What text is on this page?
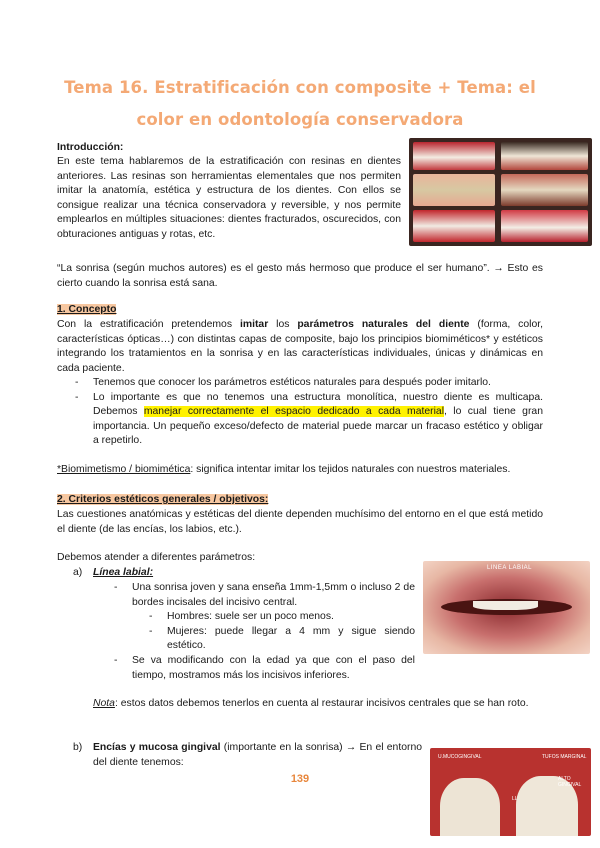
Tema 16. Estratificación con composite + Tema: el color en odontología conservadora
Introducción:
En este tema hablaremos de la estratificación con resinas en dientes anteriores. Las resinas son herramientas elementales que nos permiten imitar la anatomía, estética y estructura de los dientes. Con ellos se consigue realizar una técnica conservadora y reversible, y nos permite emplearlos en múltiples situaciones: dientes fracturados, oscurecidos, con obturaciones antiguas y rotas, etc.
“La sonrisa (según muchos autores) es el gesto más hermoso que produce el ser humano”. → Esto es cierto cuando la sonrisa está sana.
1. Concepto
Con la estratificación pretendemos imitar los parámetros naturales del diente (forma, color, características ópticas…) con distintas capas de composite, bajo los principios biomiméticos* y estéticos integrando los tratamientos en la sonrisa y en las características individuales, únicas y dinámicas en cada paciente.
- Tenemos que conocer los parámetros estéticos naturales para después poder imitarlo.
- Lo importante es que no tenemos una estructura monolítica, nuestro diente es multicapa. Debemos manejar correctamente el espacio dedicado a cada material, lo cual tiene gran importancia. Un pequeño exceso/defecto de material puede marcar un fracaso estético y obligar a repetirlo.
*Biomimetismo / biomimética: significa intentar imitar los tejidos naturales con nuestros materiales.
2. Criterios estéticos generales / objetivos:
Las cuestiones anatómicas y estéticas del diente dependen muchísimo del entorno en el que está metido el diente (de las encías, los labios, etc.).
Debemos atender a diferentes parámetros:
a) Línea labial:
- Una sonrisa joven y sana enseña 1mm-1,5mm o incluso 2 de bordes incisales del incisivo central.
- Hombres: suele ser un poco menos.
- Mujeres: puede llegar a 4 mm y sigue siendo estético.
- Se va modificando con la edad ya que con el paso del tiempo, mostramos más los incisivos inferiores.
LINEA LABIAL
Nota: estos datos debemos tenerlos en cuenta al restaurar incisivos centrales que se han roto.
b) Encías y mucosa gingival (importante en la sonrisa) → En el entorno del diente tenemos:	U.MUCOGINGIVAL	TUFOS MARGINAL
ALTO GINGIVAL
LL
139
